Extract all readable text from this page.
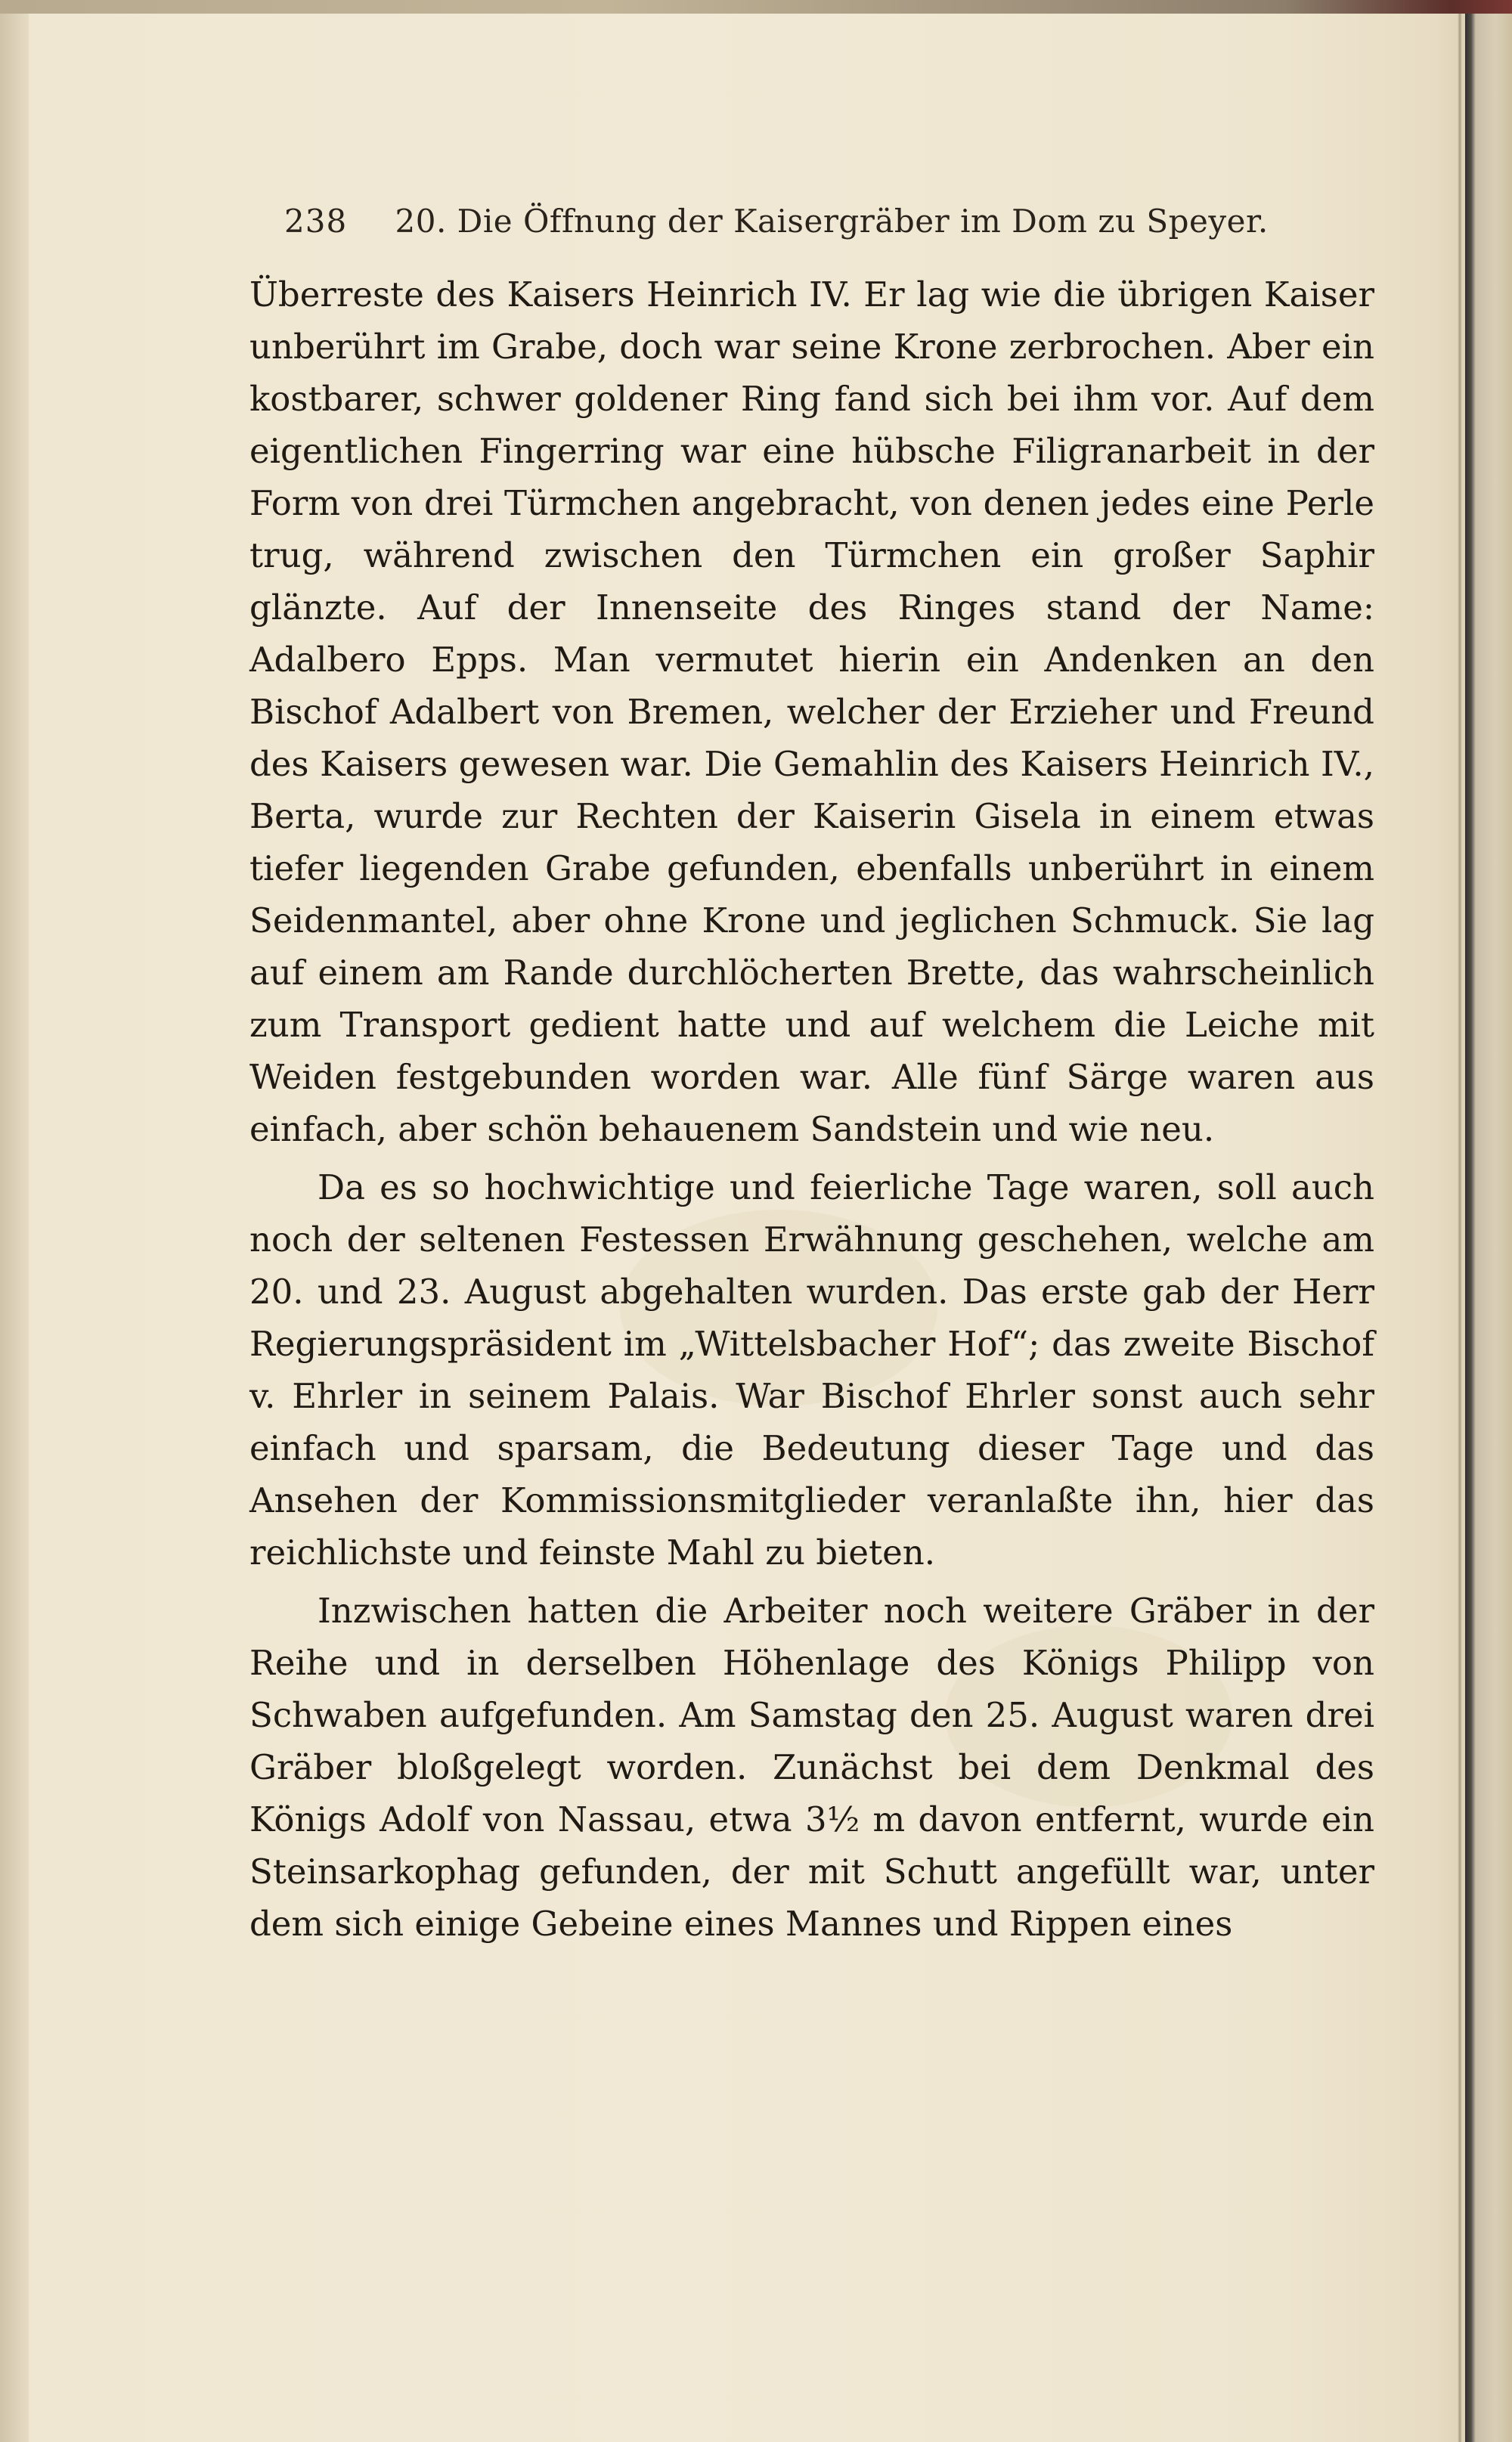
238 20. Die Öffnung der Kaisergräber im Dom zu Speyer.

Überreste des Kaisers Heinrich IV. Er lag wie die übrigen Kaiser unberührt im Grabe, doch war seine Krone zerbrochen. Aber ein kostbarer, schwer goldener Ring fand sich bei ihm vor. Auf dem eigentlichen Fingerring war eine hübsche Filigranarbeit in der Form von drei Türmchen angebracht, von denen jedes eine Perle trug, während zwischen den Türmchen ein großer Saphir glänzte. Auf der Innenseite des Ringes stand der Name: Adalbero Epps. Man vermutet hierin ein Andenken an den Bischof Adalbert von Bremen, welcher der Erzieher und Freund des Kaisers gewesen war. Die Gemahlin des Kaisers Heinrich IV., Berta, wurde zur Rechten der Kaiserin Gisela in einem etwas tiefer liegenden Grabe gefunden, ebenfalls unberührt in einem Seidenmantel, aber ohne Krone und jeglichen Schmuck. Sie lag auf einem am Rande durchlöcherten Brette, das wahrscheinlich zum Transport gedient hatte und auf welchem die Leiche mit Weiden festgebunden worden war. Alle fünf Särge waren aus einfach, aber schön behauenem Sandstein und wie neu.

Da es so hochwichtige und feierliche Tage waren, soll auch noch der seltenen Festessen Erwähnung geschehen, welche am 20. und 23. August abgehalten wurden. Das erste gab der Herr Regierungspräsident im „Wittelsbacher Hof“; das zweite Bischof v. Ehrler in seinem Palais. War Bischof Ehrler sonst auch sehr einfach und sparsam, die Bedeutung dieser Tage und das Ansehen der Kommissionsmitglieder veranlaßte ihn, hier das reichlichste und feinste Mahl zu bieten.

Inzwischen hatten die Arbeiter noch weitere Gräber in der Reihe und in derselben Höhenlage des Königs Philipp von Schwaben aufgefunden. Am Samstag den 25. August waren drei Gräber bloßgelegt worden. Zunächst bei dem Denkmal des Königs Adolf von Nassau, etwa 3½ m davon entfernt, wurde ein Steinsarkophag gefunden, der mit Schutt angefüllt war, unter dem sich einige Gebeine eines Mannes und Rippen eines
